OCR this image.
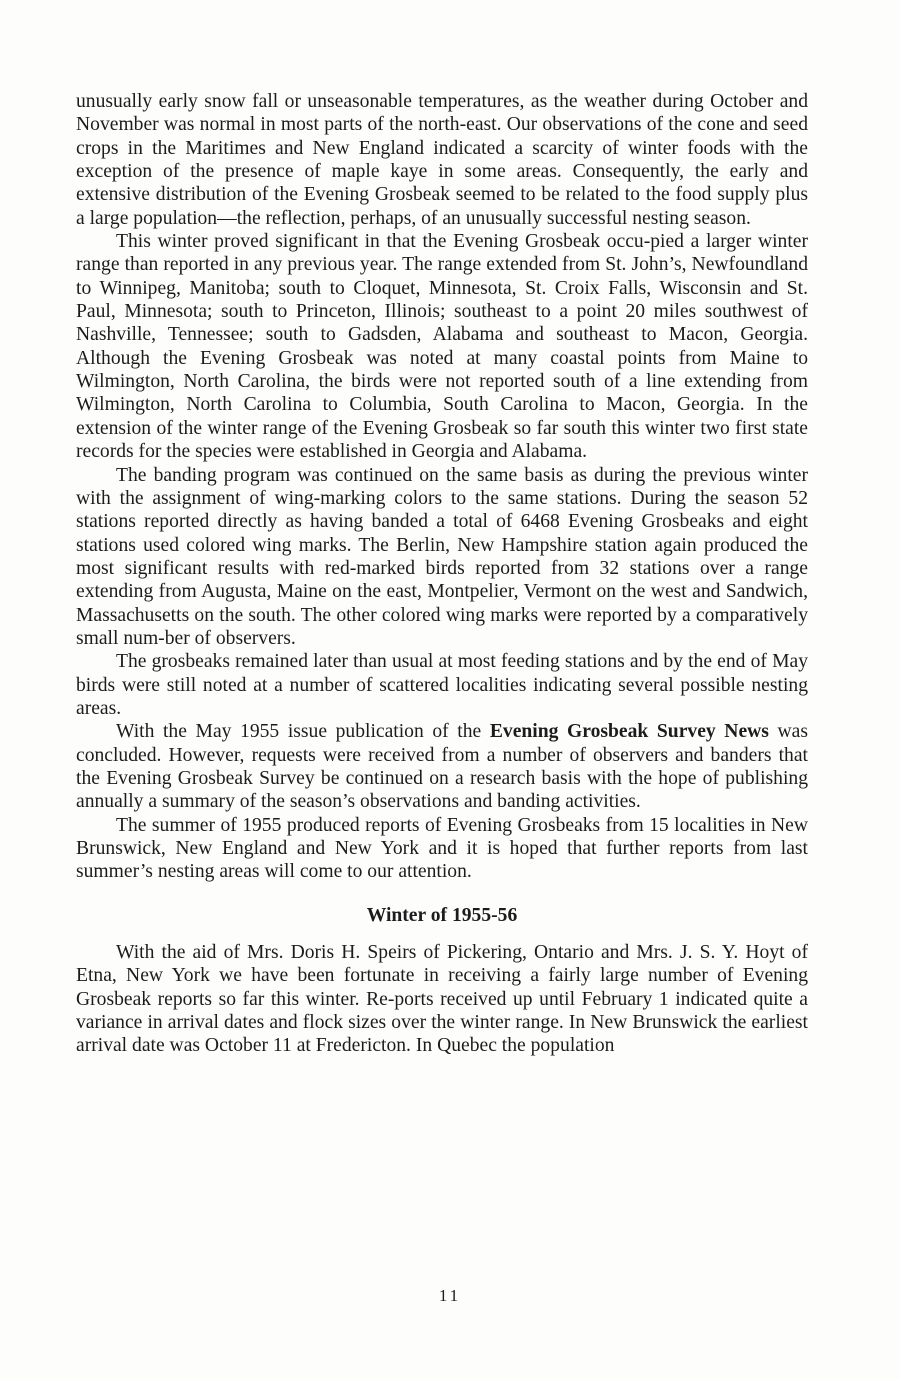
unusually early snow fall or unseasonable temperatures, as the weather during October and November was normal in most parts of the north-east. Our observations of the cone and seed crops in the Maritimes and New England indicated a scarcity of winter foods with the exception of the presence of maple kaye in some areas. Consequently, the early and extensive distribution of the Evening Grosbeak seemed to be related to the food supply plus a large population—the reflection, perhaps, of an unusually successful nesting season.

This winter proved significant in that the Evening Grosbeak occu-pied a larger winter range than reported in any previous year. The range extended from St. John’s, Newfoundland to Winnipeg, Manitoba; south to Cloquet, Minnesota, St. Croix Falls, Wisconsin and St. Paul, Minnesota; south to Princeton, Illinois; southeast to a point 20 miles southwest of Nashville, Tennessee; south to Gadsden, Alabama and southeast to Macon, Georgia. Although the Evening Grosbeak was noted at many coastal points from Maine to Wilmington, North Carolina, the birds were not reported south of a line extending from Wilmington, North Carolina to Columbia, South Carolina to Macon, Georgia. In the extension of the winter range of the Evening Grosbeak so far south this winter two first state records for the species were established in Georgia and Alabama.

The banding program was continued on the same basis as during the previous winter with the assignment of wing-marking colors to the same stations. During the season 52 stations reported directly as having banded a total of 6468 Evening Grosbeaks and eight stations used colored wing marks. The Berlin, New Hampshire station again produced the most significant results with red-marked birds reported from 32 stations over a range extending from Augusta, Maine on the east, Montpelier, Vermont on the west and Sandwich, Massachusetts on the south. The other colored wing marks were reported by a comparatively small num-ber of observers.

The grosbeaks remained later than usual at most feeding stations and by the end of May birds were still noted at a number of scattered localities indicating several possible nesting areas.

With the May 1955 issue publication of the Evening Grosbeak Survey News was concluded. However, requests were received from a number of observers and banders that the Evening Grosbeak Survey be continued on a research basis with the hope of publishing annually a summary of the season’s observations and banding activities.

The summer of 1955 produced reports of Evening Grosbeaks from 15 localities in New Brunswick, New England and New York and it is hoped that further reports from last summer’s nesting areas will come to our attention.

Winter of 1955-56

With the aid of Mrs. Doris H. Speirs of Pickering, Ontario and Mrs. J. S. Y. Hoyt of Etna, New York we have been fortunate in receiving a fairly large number of Evening Grosbeak reports so far this winter. Re-ports received up until February 1 indicated quite a variance in arrival dates and flock sizes over the winter range. In New Brunswick the earliest arrival date was October 11 at Fredericton. In Quebec the population

11
